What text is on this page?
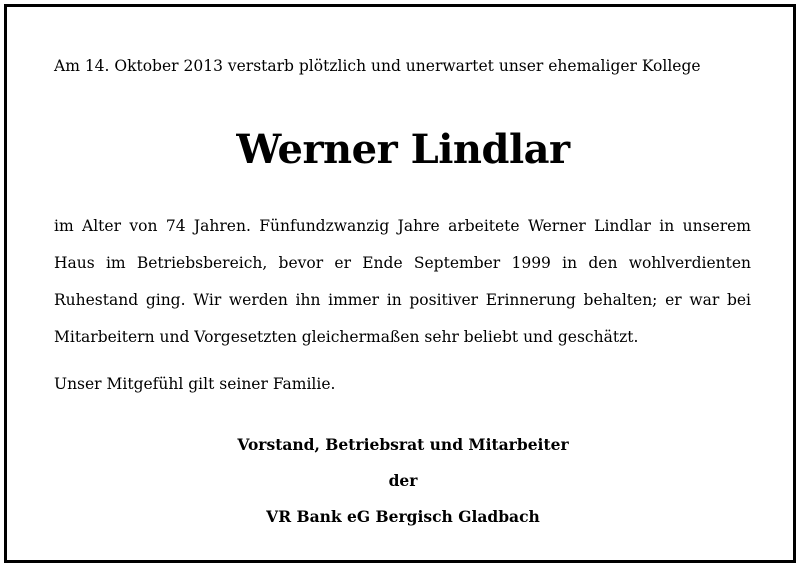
Am 14. Oktober 2013 verstarb plötzlich und unerwartet unser ehemaliger Kollege
Werner Lindlar
im Alter von 74 Jahren. Fünfundzwanzig Jahre arbeitete Werner Lindlar in unserem Haus im Betriebsbereich, bevor er Ende September 1999 in den wohlverdienten Ruhestand ging. Wir werden ihn immer in positiver Erinnerung behalten; er war bei Mitarbeitern und Vorgesetzten gleichermaßen sehr beliebt und geschätzt.
Unser Mitgefühl gilt seiner Familie.
Vorstand, Betriebsrat und Mitarbeiter
der
VR Bank eG Bergisch Gladbach
